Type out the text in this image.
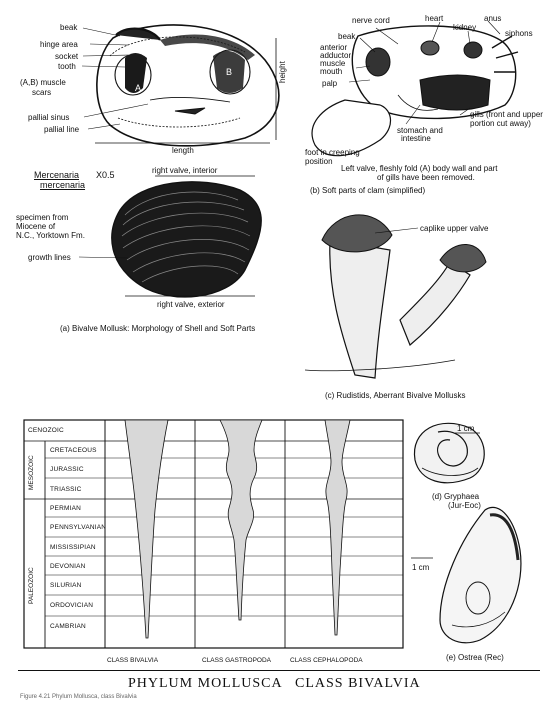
beak
hinge area
socket
tooth
(A,B) muscle
scars
pallial sinus
pallial line
length
height
A
B
nerve cord	heart
kidney
anus
beak
anterior
adductor
muscle
mouth
palp
siphons
gills (front and upper
portion cut away)
stomach and
intestine
foot in creeping
position
Left valve, fleshly fold (A) body wall and part
of gills have been removed.
(b) Soft parts of clam (simplified)
Mercenaria X0.5
mercenaria
right valve, interior
specimen from
Miocene of
N.C., Yorktown Fm.
growth lines
right valve, exterior
(a) Bivalve Mollusk: Morphology of Shell and Soft Parts
caplike upper valve
(c) Rudistids, Aberrant Bivalve Mollusks
1 cm
(d) Gryphaea
(Jur-Eoc)
1 cm
(e) Ostrea (Rec)
CENOZOIC
MESOZOIC
PALEOZOIC
CRETACEOUS
JURASSIC
TRIASSIC
PERMIAN
PENNSYLVANIAN
MISSISSIPIAN
DEVONIAN
SILURIAN
ORDOVICIAN
CAMBRIAN
CLASS BIVALVIA	CLASS GASTROPODA	CLASS CEPHALOPODA
PHYLUM MOLLUSCA CLASS BIVALVIA
Figure 4.21 Phylum Mollusca, class Bivalvia
